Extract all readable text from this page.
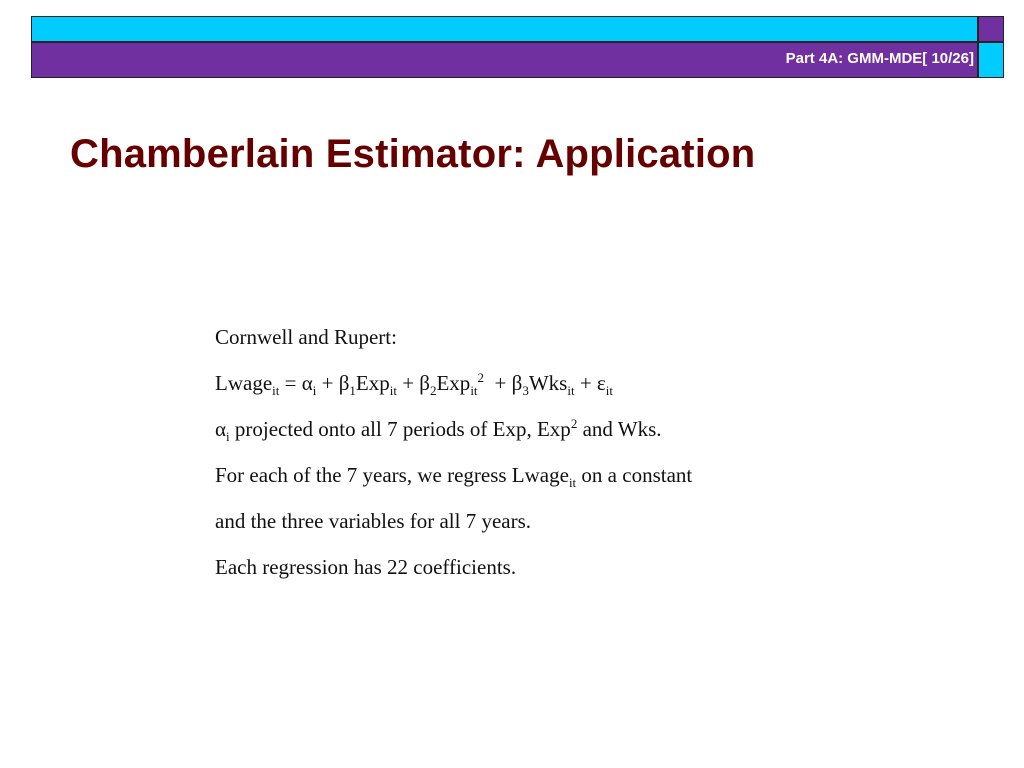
Part 4A: GMM-MDE[ 10/26]
Chamberlain Estimator: Application
Cornwell and Rupert:
Lwage$_{it}$ = $\alpha_i + \beta_1Exp_{it} + \beta_2Exp_{it}^2 + \beta_3Wks_{it} + \varepsilon_{it}$
$\alpha_i$ projected onto all 7 periods of Exp, Exp$^2$ and Wks.
For each of the 7 years, we regress Lwage$_{it}$ on a constant
and the three variables for all 7 years.
Each regression has 22 coefficients.
